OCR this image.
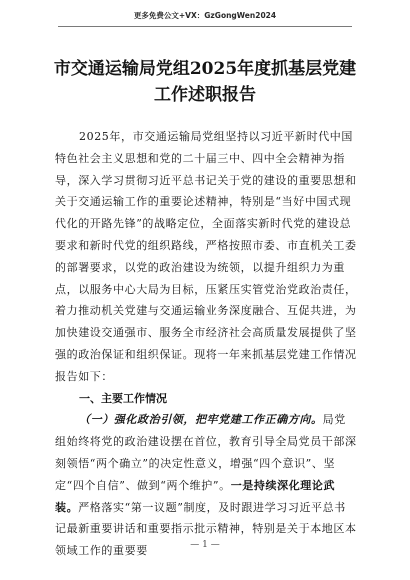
更多免费公文+VX：GzGongWen2024
市交通运输局党组2025年度抓基层党建
工作述职报告

2025年，市交通运输局党组坚持以习近平新时代中国特色社会主义思想和党的二十届三中、四中全会精神为指导，深入学习贯彻习近平总书记关于党的建设的重要思想和关于交通运输工作的重要论述精神，特别是“当好中国式现代化的开路先锋”的战略定位，全面落实新时代党的建设总要求和新时代党的组织路线，严格按照市委、市直机关工委的部署要求，以党的政治建设为统领，以提升组织力为重点，以服务中心大局为目标，压紧压实管党治党政治责任，着力推动机关党建与交通运输业务深度融合、互促共进，为加快建设交通强市、服务全市经济社会高质量发展提供了坚强的政治保证和组织保证。现将一年来抓基层党建工作情况报告如下：

一、主要工作情况

（一）强化政治引领，把牢党建工作正确方向。局党组始终将党的政治建设摆在首位，教育引导全局党员干部深刻领悟“两个确立”的决定性意义，增强“四个意识”、坚定“四个自信”、做到“两个维护”。一是持续深化理论武装。严格落实“第一议题”制度，及时跟进学习习近平总书记最新重要讲话和重要指示批示精神，特别是关于本地区本领域工作的重要要	— 1 —
